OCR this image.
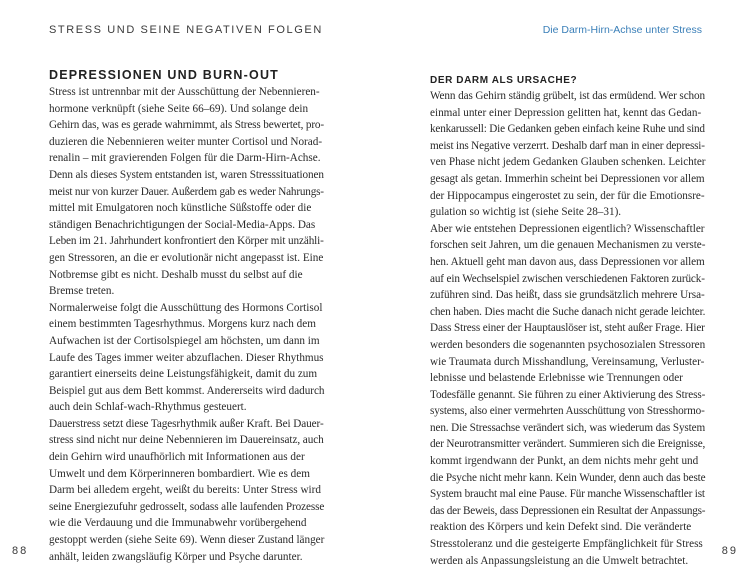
STRESS UND SEINE NEGATIVEN FOLGEN
DEPRESSIONEN UND BURN-OUT
Stress ist untrennbar mit der Ausschüttung der Nebennieren-
hormone verknüpft (siehe Seite 66–69). Und solange dein
Gehirn das, was es gerade wahrnimmt, als Stress bewertet, pro-
duzieren die Nebennieren weiter munter Cortisol und Norad-
renalin – mit gravierenden Folgen für die Darm-Hirn-Achse.
Denn als dieses System entstanden ist, waren Stresssituationen
meist nur von kurzer Dauer. Außerdem gab es weder Nahrungs-
mittel mit Emulgatoren noch künstliche Süßstoffe oder die
ständigen Benachrichtigungen der Social-Media-Apps. Das
Leben im 21. Jahrhundert konfrontiert den Körper mit unzähli-
gen Stressoren, an die er evolutionär nicht angepasst ist. Eine
Notbremse gibt es nicht. Deshalb musst du selbst auf die
Bremse treten.
Normalerweise folgt die Ausschüttung des Hormons Cortisol
einem bestimmten Tagesrhythmus. Morgens kurz nach dem
Aufwachen ist der Cortisolspiegel am höchsten, um dann im
Laufe des Tages immer weiter abzuflachen. Dieser Rhythmus
garantiert einerseits deine Leistungsfähigkeit, damit du zum
Beispiel gut aus dem Bett kommst. Andererseits wird dadurch
auch dein Schlaf-wach-Rhythmus gesteuert.
Dauerstress setzt diese Tagesrhythmik außer Kraft. Bei Dauer-
stress sind nicht nur deine Nebennieren im Dauereinsatz, auch
dein Gehirn wird unaufhörlich mit Informationen aus der
Umwelt und dem Körperinneren bombardiert. Wie es dem
Darm bei alledem ergeht, weißt du bereits: Unter Stress wird
seine Energiezufuhr gedrosselt, sodass alle laufenden Prozesse
wie die Verdauung und die Immunabwehr vorübergehend
gestoppt werden (siehe Seite 69). Wenn dieser Zustand länger
anhält, leiden zwangsläufig Körper und Psyche darunter.
88
Die Darm-Hirn-Achse unter Stress
DER DARM ALS URSACHE?
Wenn das Gehirn ständig grübelt, ist das ermüdend. Wer schon
einmal unter einer Depression gelitten hat, kennt das Gedan-
kenkarussell: Die Gedanken geben einfach keine Ruhe und sind
meist ins Negative verzerrt. Deshalb darf man in einer depressi-
ven Phase nicht jedem Gedanken Glauben schenken. Leichter
gesagt als getan. Immerhin scheint bei Depressionen vor allem
der Hippocampus eingerostet zu sein, der für die Emotionsre-
gulation so wichtig ist (siehe Seite 28–31).
Aber wie entstehen Depressionen eigentlich? Wissenschaftler
forschen seit Jahren, um die genauen Mechanismen zu verste-
hen. Aktuell geht man davon aus, dass Depressionen vor allem
auf ein Wechselspiel zwischen verschiedenen Faktoren zurück-
zuführen sind. Das heißt, dass sie grundsätzlich mehrere Ursa-
chen haben. Dies macht die Suche danach nicht gerade leichter.
Dass Stress einer der Hauptauslöser ist, steht außer Frage. Hier
werden besonders die sogenannten psychosozialen Stressoren
wie Traumata durch Misshandlung, Vereinsamung, Verluster-
lebnisse und belastende Erlebnisse wie Trennungen oder
Todesfälle genannt. Sie führen zu einer Aktivierung des Stress-
systems, also einer vermehrten Ausschüttung von Stresshormo-
nen. Die Stressachse verändert sich, was wiederum das System
der Neurotransmitter verändert. Summieren sich die Ereignisse,
kommt irgendwann der Punkt, an dem nichts mehr geht und
die Psyche nicht mehr kann. Kein Wunder, denn auch das beste
System braucht mal eine Pause. Für manche Wissenschaftler ist
das der Beweis, dass Depressionen ein Resultat der Anpassungs-
reaktion des Körpers und kein Defekt sind. Die veränderte
Stresstoleranz und die gesteigerte Empfänglichkeit für Stress
werden als Anpassungsleistung an die Umwelt betrachtet.
89
